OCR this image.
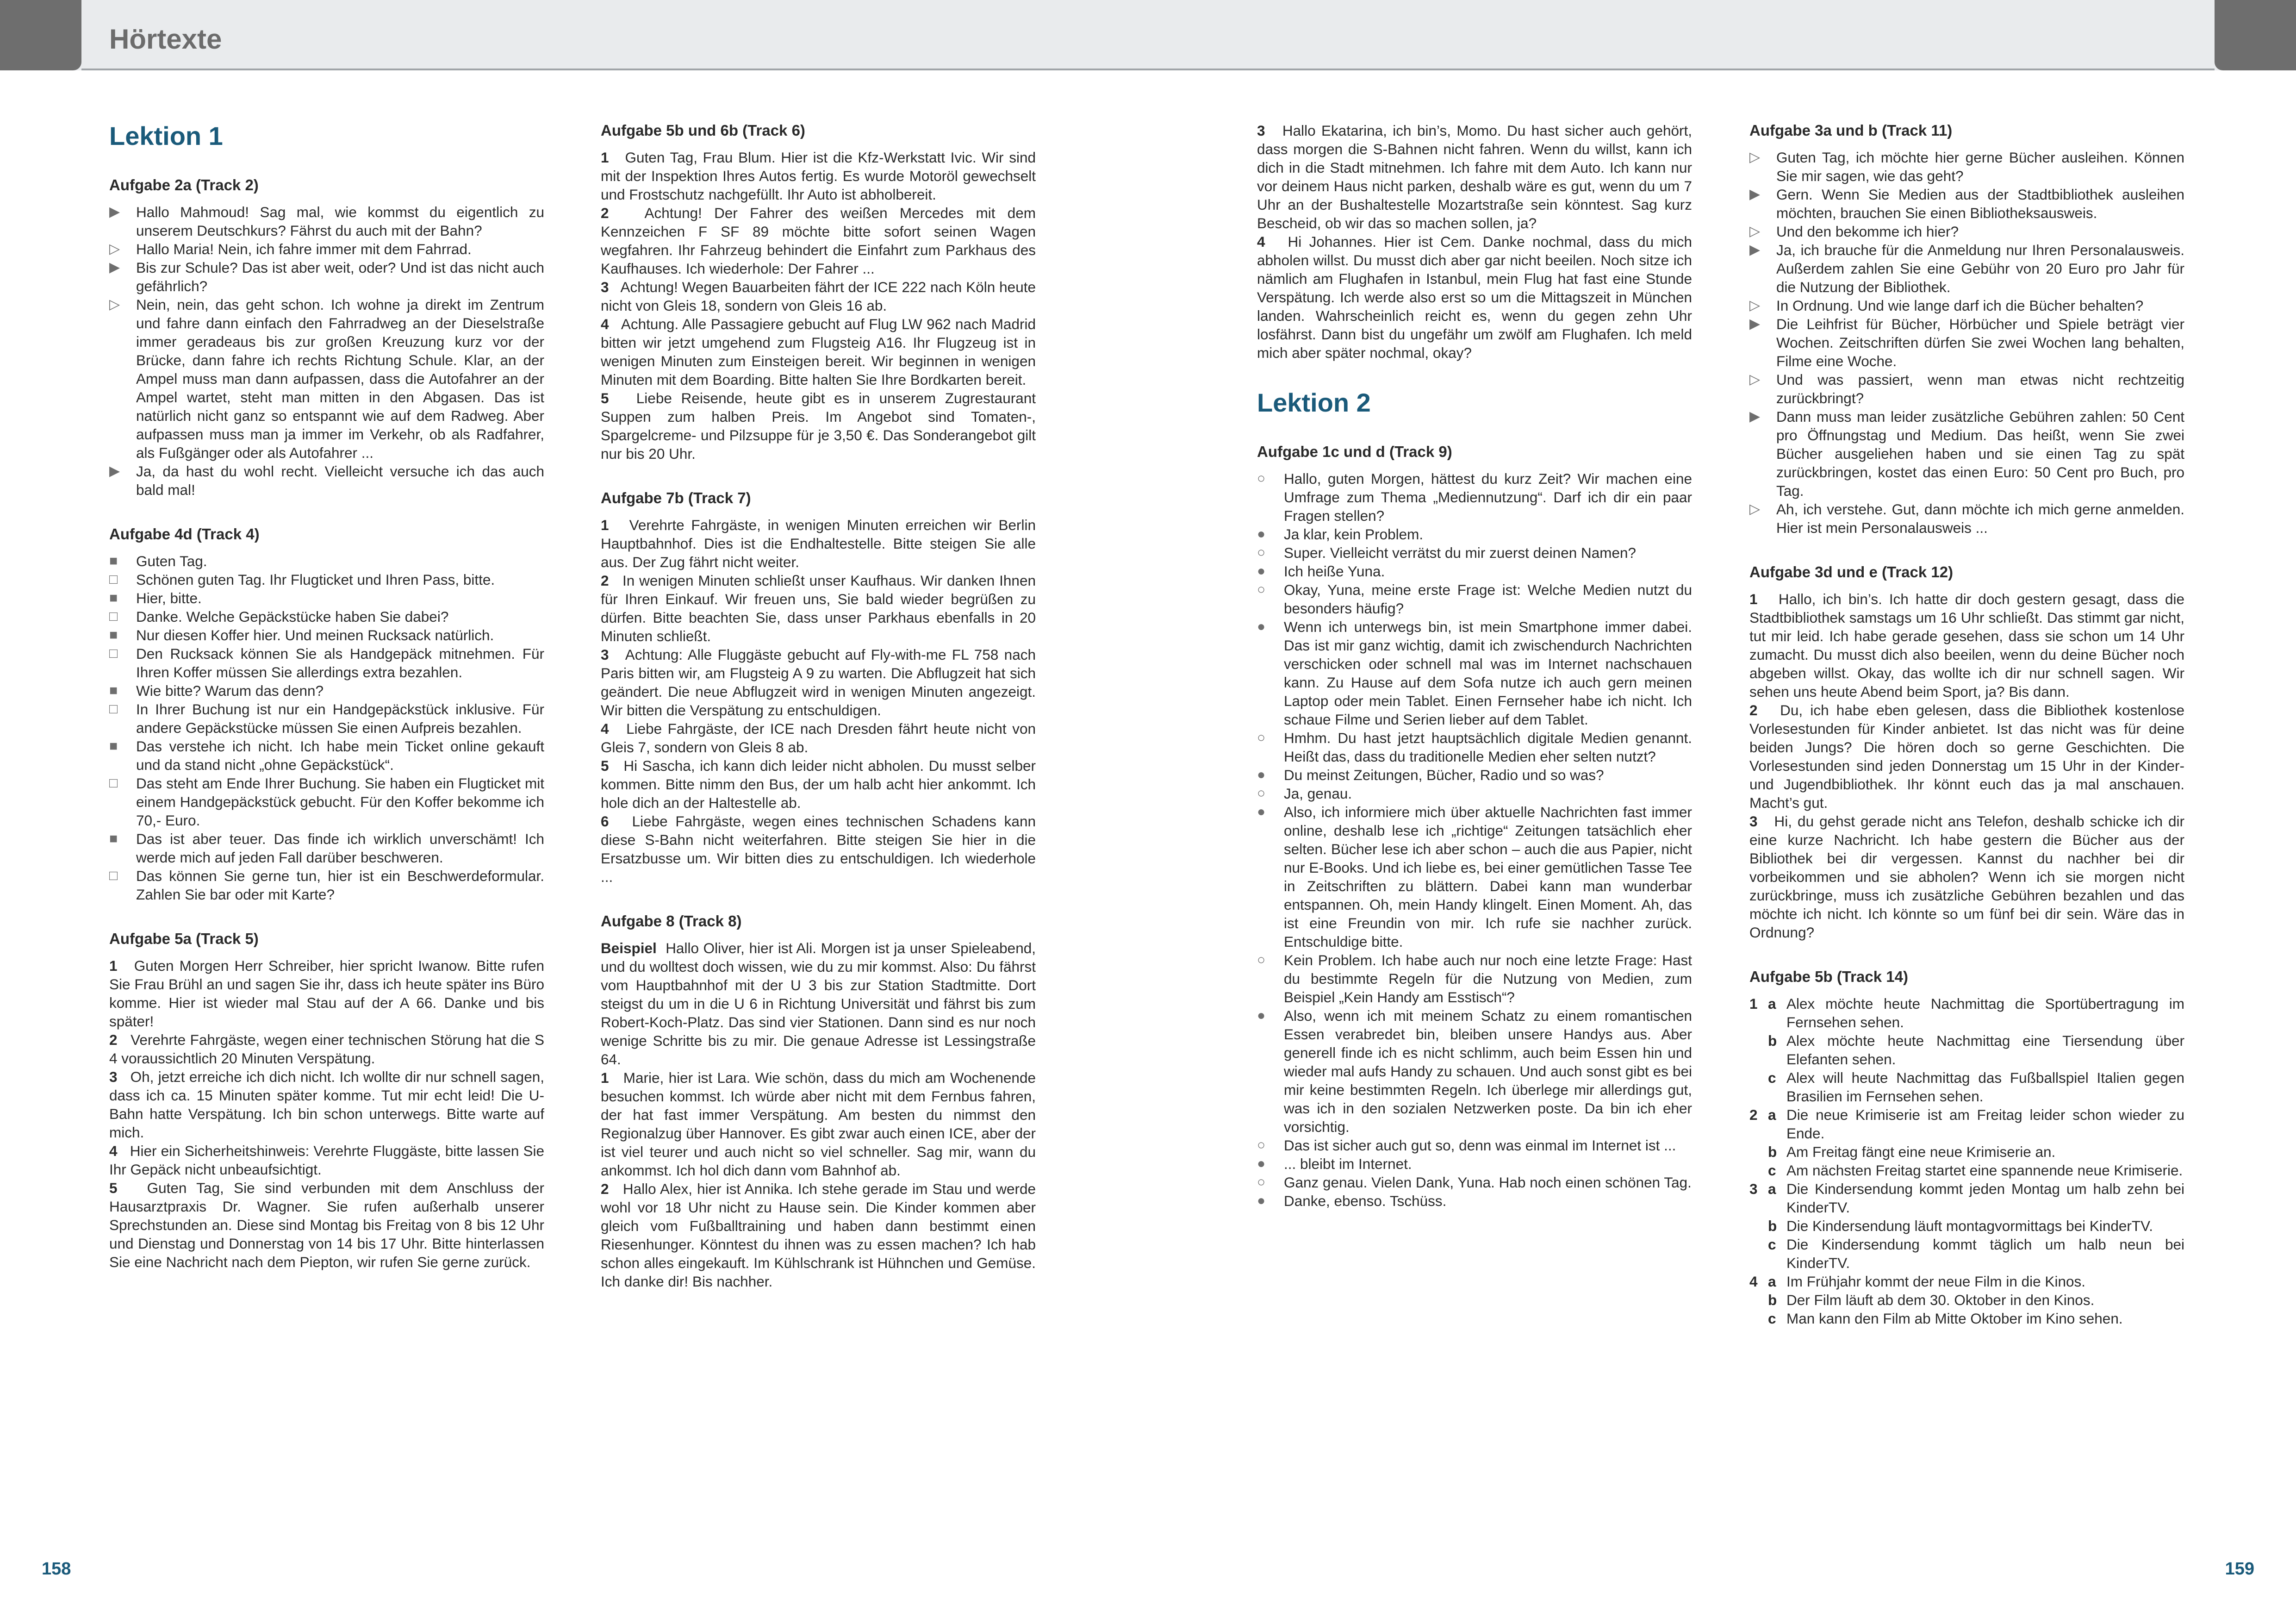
Hörtexte
Lektion 1
Aufgabe 2a (Track 2)
▶	Hallo Mahmoud! Sag mal, wie kommst du eigentlich zu unserem Deutschkurs? Fährst du auch mit der Bahn?
▷	Hallo Maria! Nein, ich fahre immer mit dem Fahrrad.
▶	Bis zur Schule? Das ist aber weit, oder? Und ist das nicht auch gefährlich?
▷	Nein, nein, das geht schon. Ich wohne ja direkt im Zentrum und fahre dann einfach den Fahrradweg an der Dieselstraße immer geradeaus bis zur großen Kreuzung kurz vor der Brücke, dann fahre ich rechts Richtung Schule. Klar, an der Ampel muss man dann aufpassen, dass die Autofahrer an der Ampel wartet, steht man mitten in den Abgasen. Das ist natürlich nicht ganz so entspannt wie auf dem Radweg. Aber aufpassen muss man ja immer im Verkehr, ob als Radfahrer, als Fußgänger oder als Autofahrer ...
▶	Ja, da hast du wohl recht. Vielleicht versuche ich das auch bald mal!
Aufgabe 4d (Track 4)
■	Guten Tag.
□	Schönen guten Tag. Ihr Flugticket und Ihren Pass, bitte.
■	Hier, bitte.
□	Danke. Welche Gepäckstücke haben Sie dabei?
■	Nur diesen Koffer hier. Und meinen Rucksack natürlich.
□	Den Rucksack können Sie als Handgepäck mitnehmen. Für Ihren Koffer müssen Sie allerdings extra bezahlen.
■	Wie bitte? Warum das denn?
□	In Ihrer Buchung ist nur ein Handgepäckstück inklusive. Für andere Gepäckstücke müssen Sie einen Aufpreis bezahlen.
■	Das verstehe ich nicht. Ich habe mein Ticket online gekauft und da stand nicht „ohne Gepäckstück“.
□	Das steht am Ende Ihrer Buchung. Sie haben ein Flugticket mit einem Handgepäckstück gebucht. Für den Koffer bekomme ich 70,- Euro.
■	Das ist aber teuer. Das finde ich wirklich unverschämt! Ich werde mich auf jeden Fall darüber beschweren.
□	Das können Sie gerne tun, hier ist ein Beschwerdeformular. Zahlen Sie bar oder mit Karte?
Aufgabe 5a (Track 5)

1 Guten Morgen Herr Schreiber, hier spricht Iwanow. Bitte rufen Sie Frau Brühl an und sagen Sie ihr, dass ich heute später ins Büro komme. Hier ist wieder mal Stau auf der A 66. Danke und bis später!

2 Verehrte Fahrgäste, wegen einer technischen Störung hat die S 4 voraussichtlich 20 Minuten Verspätung.

3 Oh, jetzt erreiche ich dich nicht. Ich wollte dir nur schnell sagen, dass ich ca. 15 Minuten später komme. Tut mir echt leid! Die U-Bahn hatte Verspätung. Ich bin schon unterwegs. Bitte warte auf mich.

4 Hier ein Sicherheitshinweis: Verehrte Fluggäste, bitte lassen Sie Ihr Gepäck nicht unbeaufsichtigt.

5 Guten Tag, Sie sind verbunden mit dem Anschluss der Hausarztpraxis Dr. Wagner. Sie rufen außerhalb unserer Sprechstunden an. Diese sind Montag bis Freitag von 8 bis 12 Uhr und Dienstag und Donnerstag von 14 bis 17 Uhr. Bitte hinterlassen Sie eine Nachricht nach dem Piepton, wir rufen Sie gerne zurück.

Aufgabe 5b und 6b (Track 6)

1 Guten Tag, Frau Blum. Hier ist die Kfz-Werkstatt Ivic. Wir sind mit der Inspektion Ihres Autos fertig. Es wurde Motoröl gewechselt und Frostschutz nachgefüllt. Ihr Auto ist abholbereit.

2 Achtung! Der Fahrer des weißen Mercedes mit dem Kennzeichen F SF 89 möchte bitte sofort seinen Wagen wegfahren. Ihr Fahrzeug behindert die Einfahrt zum Parkhaus des Kaufhauses. Ich wiederhole: Der Fahrer ...

3 Achtung! Wegen Bauarbeiten fährt der ICE 222 nach Köln heute nicht von Gleis 18, sondern von Gleis 16 ab.

4 Achtung. Alle Passagiere gebucht auf Flug LW 962 nach Madrid bitten wir jetzt umgehend zum Flugsteig A16. Ihr Flugzeug ist in wenigen Minuten zum Einsteigen bereit. Wir beginnen in wenigen Minuten mit dem Boarding. Bitte halten Sie Ihre Bordkarten bereit.

5 Liebe Reisende, heute gibt es in unserem Zugrestaurant Suppen zum halben Preis. Im Angebot sind Tomaten-, Spargelcreme- und Pilzsuppe für je 3,50 €. Das Sonderangebot gilt nur bis 20 Uhr.

Aufgabe 7b (Track 7)

1 Verehrte Fahrgäste, in wenigen Minuten erreichen wir Berlin Hauptbahnhof. Dies ist die Endhaltestelle. Bitte steigen Sie alle aus. Der Zug fährt nicht weiter.

2 In wenigen Minuten schließt unser Kaufhaus. Wir danken Ihnen für Ihren Einkauf. Wir freuen uns, Sie bald wieder begrüßen zu dürfen. Bitte beachten Sie, dass unser Parkhaus ebenfalls in 20 Minuten schließt.

3 Achtung: Alle Fluggäste gebucht auf Fly-with-me FL 758 nach Paris bitten wir, am Flugsteig A 9 zu warten. Die Abflugzeit hat sich geändert. Die neue Abflugzeit wird in wenigen Minuten angezeigt. Wir bitten die Verspätung zu entschuldigen.

4 Liebe Fahrgäste, der ICE nach Dresden fährt heute nicht von Gleis 7, sondern von Gleis 8 ab.

5 Hi Sascha, ich kann dich leider nicht abholen. Du musst selber kommen. Bitte nimm den Bus, der um halb acht hier ankommt. Ich hole dich an der Haltestelle ab.

6 Liebe Fahrgäste, wegen eines technischen Schadens kann diese S-Bahn nicht weiterfahren. Bitte steigen Sie hier in die Ersatzbusse um. Wir bitten dies zu entschuldigen. Ich wiederhole ...

Aufgabe 8 (Track 8)

Beispiel Hallo Oliver, hier ist Ali. Morgen ist ja unser Spieleabend, und du wolltest doch wissen, wie du zu mir kommst. Also: Du fährst vom Hauptbahnhof mit der U 3 bis zur Station Stadtmitte. Dort steigst du um in die U 6 in Richtung Universität und fährst bis zum Robert-Koch-Platz. Das sind vier Stationen. Dann sind es nur noch wenige Schritte bis zu mir. Die genaue Adresse ist Lessingstraße 64.

1 Marie, hier ist Lara. Wie schön, dass du mich am Wochenende besuchen kommst. Ich würde aber nicht mit dem Fernbus fahren, der hat fast immer Verspätung. Am besten du nimmst den Regionalzug über Hannover. Es gibt zwar auch einen ICE, aber der ist viel teurer und auch nicht so viel schneller. Sag mir, wann du ankommst. Ich hol dich dann vom Bahnhof ab.

2 Hallo Alex, hier ist Annika. Ich stehe gerade im Stau und werde wohl vor 18 Uhr nicht zu Hause sein. Die Kinder kommen aber gleich vom Fußballtraining und haben dann bestimmt einen Riesenhunger. Könntest du ihnen was zu essen machen? Ich hab schon alles eingekauft. Im Kühlschrank ist Hühnchen und Gemüse. Ich danke dir! Bis nachher.

3 Hallo Ekatarina, ich bin’s, Momo. Du hast sicher auch gehört, dass morgen die S-Bahnen nicht fahren. Wenn du willst, kann ich dich in die Stadt mitnehmen. Ich fahre mit dem Auto. Ich kann nur vor deinem Haus nicht parken, deshalb wäre es gut, wenn du um 7 Uhr an der Bushaltestelle Mozartstraße sein könntest. Sag kurz Bescheid, ob wir das so machen sollen, ja?

4 Hi Johannes. Hier ist Cem. Danke nochmal, dass du mich abholen willst. Du musst dich aber gar nicht beeilen. Noch sitze ich nämlich am Flughafen in Istanbul, mein Flug hat fast eine Stunde Verspätung. Ich werde also erst so um die Mittagszeit in München landen. Wahrscheinlich reicht es, wenn du gegen zehn Uhr losfährst. Dann bist du ungefähr um zwölf am Flughafen. Ich meld mich aber später nochmal, okay?

Lektion 2
Aufgabe 1c und d (Track 9)
○	Hallo, guten Morgen, hättest du kurz Zeit? Wir machen eine Umfrage zum Thema „Mediennutzung“. Darf ich dir ein paar Fragen stellen?
●	Ja klar, kein Problem.
○	Super. Vielleicht verrätst du mir zuerst deinen Namen?
●	Ich heiße Yuna.
○	Okay, Yuna, meine erste Frage ist: Welche Medien nutzt du besonders häufig?
●	Wenn ich unterwegs bin, ist mein Smartphone immer dabei. Das ist mir ganz wichtig, damit ich zwischendurch Nachrichten verschicken oder schnell mal was im Internet nachschauen kann. Zu Hause auf dem Sofa nutze ich auch gern meinen Laptop oder mein Tablet. Einen Fernseher habe ich nicht. Ich schaue Filme und Serien lieber auf dem Tablet.
○	Hmhm. Du hast jetzt hauptsächlich digitale Medien genannt. Heißt das, dass du traditionelle Medien eher selten nutzt?
●	Du meinst Zeitungen, Bücher, Radio und so was?
○	Ja, genau.
●	Also, ich informiere mich über aktuelle Nachrichten fast immer online, deshalb lese ich „richtige“ Zeitungen tatsächlich eher selten. Bücher lese ich aber schon – auch die aus Papier, nicht nur E-Books. Und ich liebe es, bei einer gemütlichen Tasse Tee in Zeitschriften zu blättern. Dabei kann man wunderbar entspannen. Oh, mein Handy klingelt. Einen Moment. Ah, das ist eine Freundin von mir. Ich rufe sie nachher zurück. Entschuldige bitte.
○	Kein Problem. Ich habe auch nur noch eine letzte Frage: Hast du bestimmte Regeln für die Nutzung von Medien, zum Beispiel „Kein Handy am Esstisch“?
●	Also, wenn ich mit meinem Schatz zu einem romantischen Essen verabredet bin, bleiben unsere Handys aus. Aber generell finde ich es nicht schlimm, auch beim Essen hin und wieder mal aufs Handy zu schauen. Und auch sonst gibt es bei mir keine bestimmten Regeln. Ich überlege mir allerdings gut, was ich in den sozialen Netzwerken poste. Da bin ich eher vorsichtig.
○	Das ist sicher auch gut so, denn was einmal im Internet ist ...
●	... bleibt im Internet.
○	Ganz genau. Vielen Dank, Yuna. Hab noch einen schönen Tag.
●	Danke, ebenso. Tschüss.
Aufgabe 3a und b (Track 11)
▷	Guten Tag, ich möchte hier gerne Bücher ausleihen. Können Sie mir sagen, wie das geht?
▶	Gern. Wenn Sie Medien aus der Stadtbibliothek ausleihen möchten, brauchen Sie einen Bibliotheksausweis.
▷	Und den bekomme ich hier?
▶	Ja, ich brauche für die Anmeldung nur Ihren Personalausweis. Außerdem zahlen Sie eine Gebühr von 20 Euro pro Jahr für die Nutzung der Bibliothek.
▷	In Ordnung. Und wie lange darf ich die Bücher behalten?
▶	Die Leihfrist für Bücher, Hörbücher und Spiele beträgt vier Wochen. Zeitschriften dürfen Sie zwei Wochen lang behalten, Filme eine Woche.
▷	Und was passiert, wenn man etwas nicht rechtzeitig zurückbringt?
▶	Dann muss man leider zusätzliche Gebühren zahlen: 50 Cent pro Öffnungstag und Medium. Das heißt, wenn Sie zwei Bücher ausgeliehen haben und sie einen Tag zu spät zurückbringen, kostet das einen Euro: 50 Cent pro Buch, pro Tag.
▷	Ah, ich verstehe. Gut, dann möchte ich mich gerne anmelden. Hier ist mein Personalausweis ...
Aufgabe 3d und e (Track 12)

1 Hallo, ich bin’s. Ich hatte dir doch gestern gesagt, dass die Stadtbibliothek samstags um 16 Uhr schließt. Das stimmt gar nicht, tut mir leid. Ich habe gerade gesehen, dass sie schon um 14 Uhr zumacht. Du musst dich also beeilen, wenn du deine Bücher noch abgeben willst. Okay, das wollte ich dir nur schnell sagen. Wir sehen uns heute Abend beim Sport, ja? Bis dann.

2 Du, ich habe eben gelesen, dass die Bibliothek kostenlose Vorlesestunden für Kinder anbietet. Ist das nicht was für deine beiden Jungs? Die hören doch so gerne Geschichten. Die Vorlesestunden sind jeden Donnerstag um 15 Uhr in der Kinder- und Jugendbibliothek. Ihr könnt euch das ja mal anschauen. Macht’s gut.

3 Hi, du gehst gerade nicht ans Telefon, deshalb schicke ich dir eine kurze Nachricht. Ich habe gestern die Bücher aus der Bibliothek bei dir vergessen. Kannst du nachher bei dir vorbeikommen und sie abholen? Wenn ich sie morgen nicht zurückbringe, muss ich zusätzliche Gebühren bezahlen und das möchte ich nicht. Ich könnte so um fünf bei dir sein. Wäre das in Ordnung?

Aufgabe 5b (Track 14)
1 a Alex möchte heute Nachmittag die Sportübertragung im Fernsehen sehen.
b Alex möchte heute Nachmittag eine Tiersendung über Elefanten sehen.
c Alex will heute Nachmittag das Fußballspiel Italien gegen Brasilien im Fernsehen sehen.
2 a Die neue Krimiserie ist am Freitag leider schon wieder zu Ende.
b Am Freitag fängt eine neue Krimiserie an.
c Am nächsten Freitag startet eine spannende neue Krimiserie.
3 a Die Kindersendung kommt jeden Montag um halb zehn bei KinderTV.
b Die Kindersendung läuft montagvormittags bei KinderTV.
c Die Kindersendung kommt täglich um halb neun bei KinderTV.
4 a Im Frühjahr kommt der neue Film in die Kinos.
b Der Film läuft ab dem 30. Oktober in den Kinos.
c Man kann den Film ab Mitte Oktober im Kino sehen.
158	159
